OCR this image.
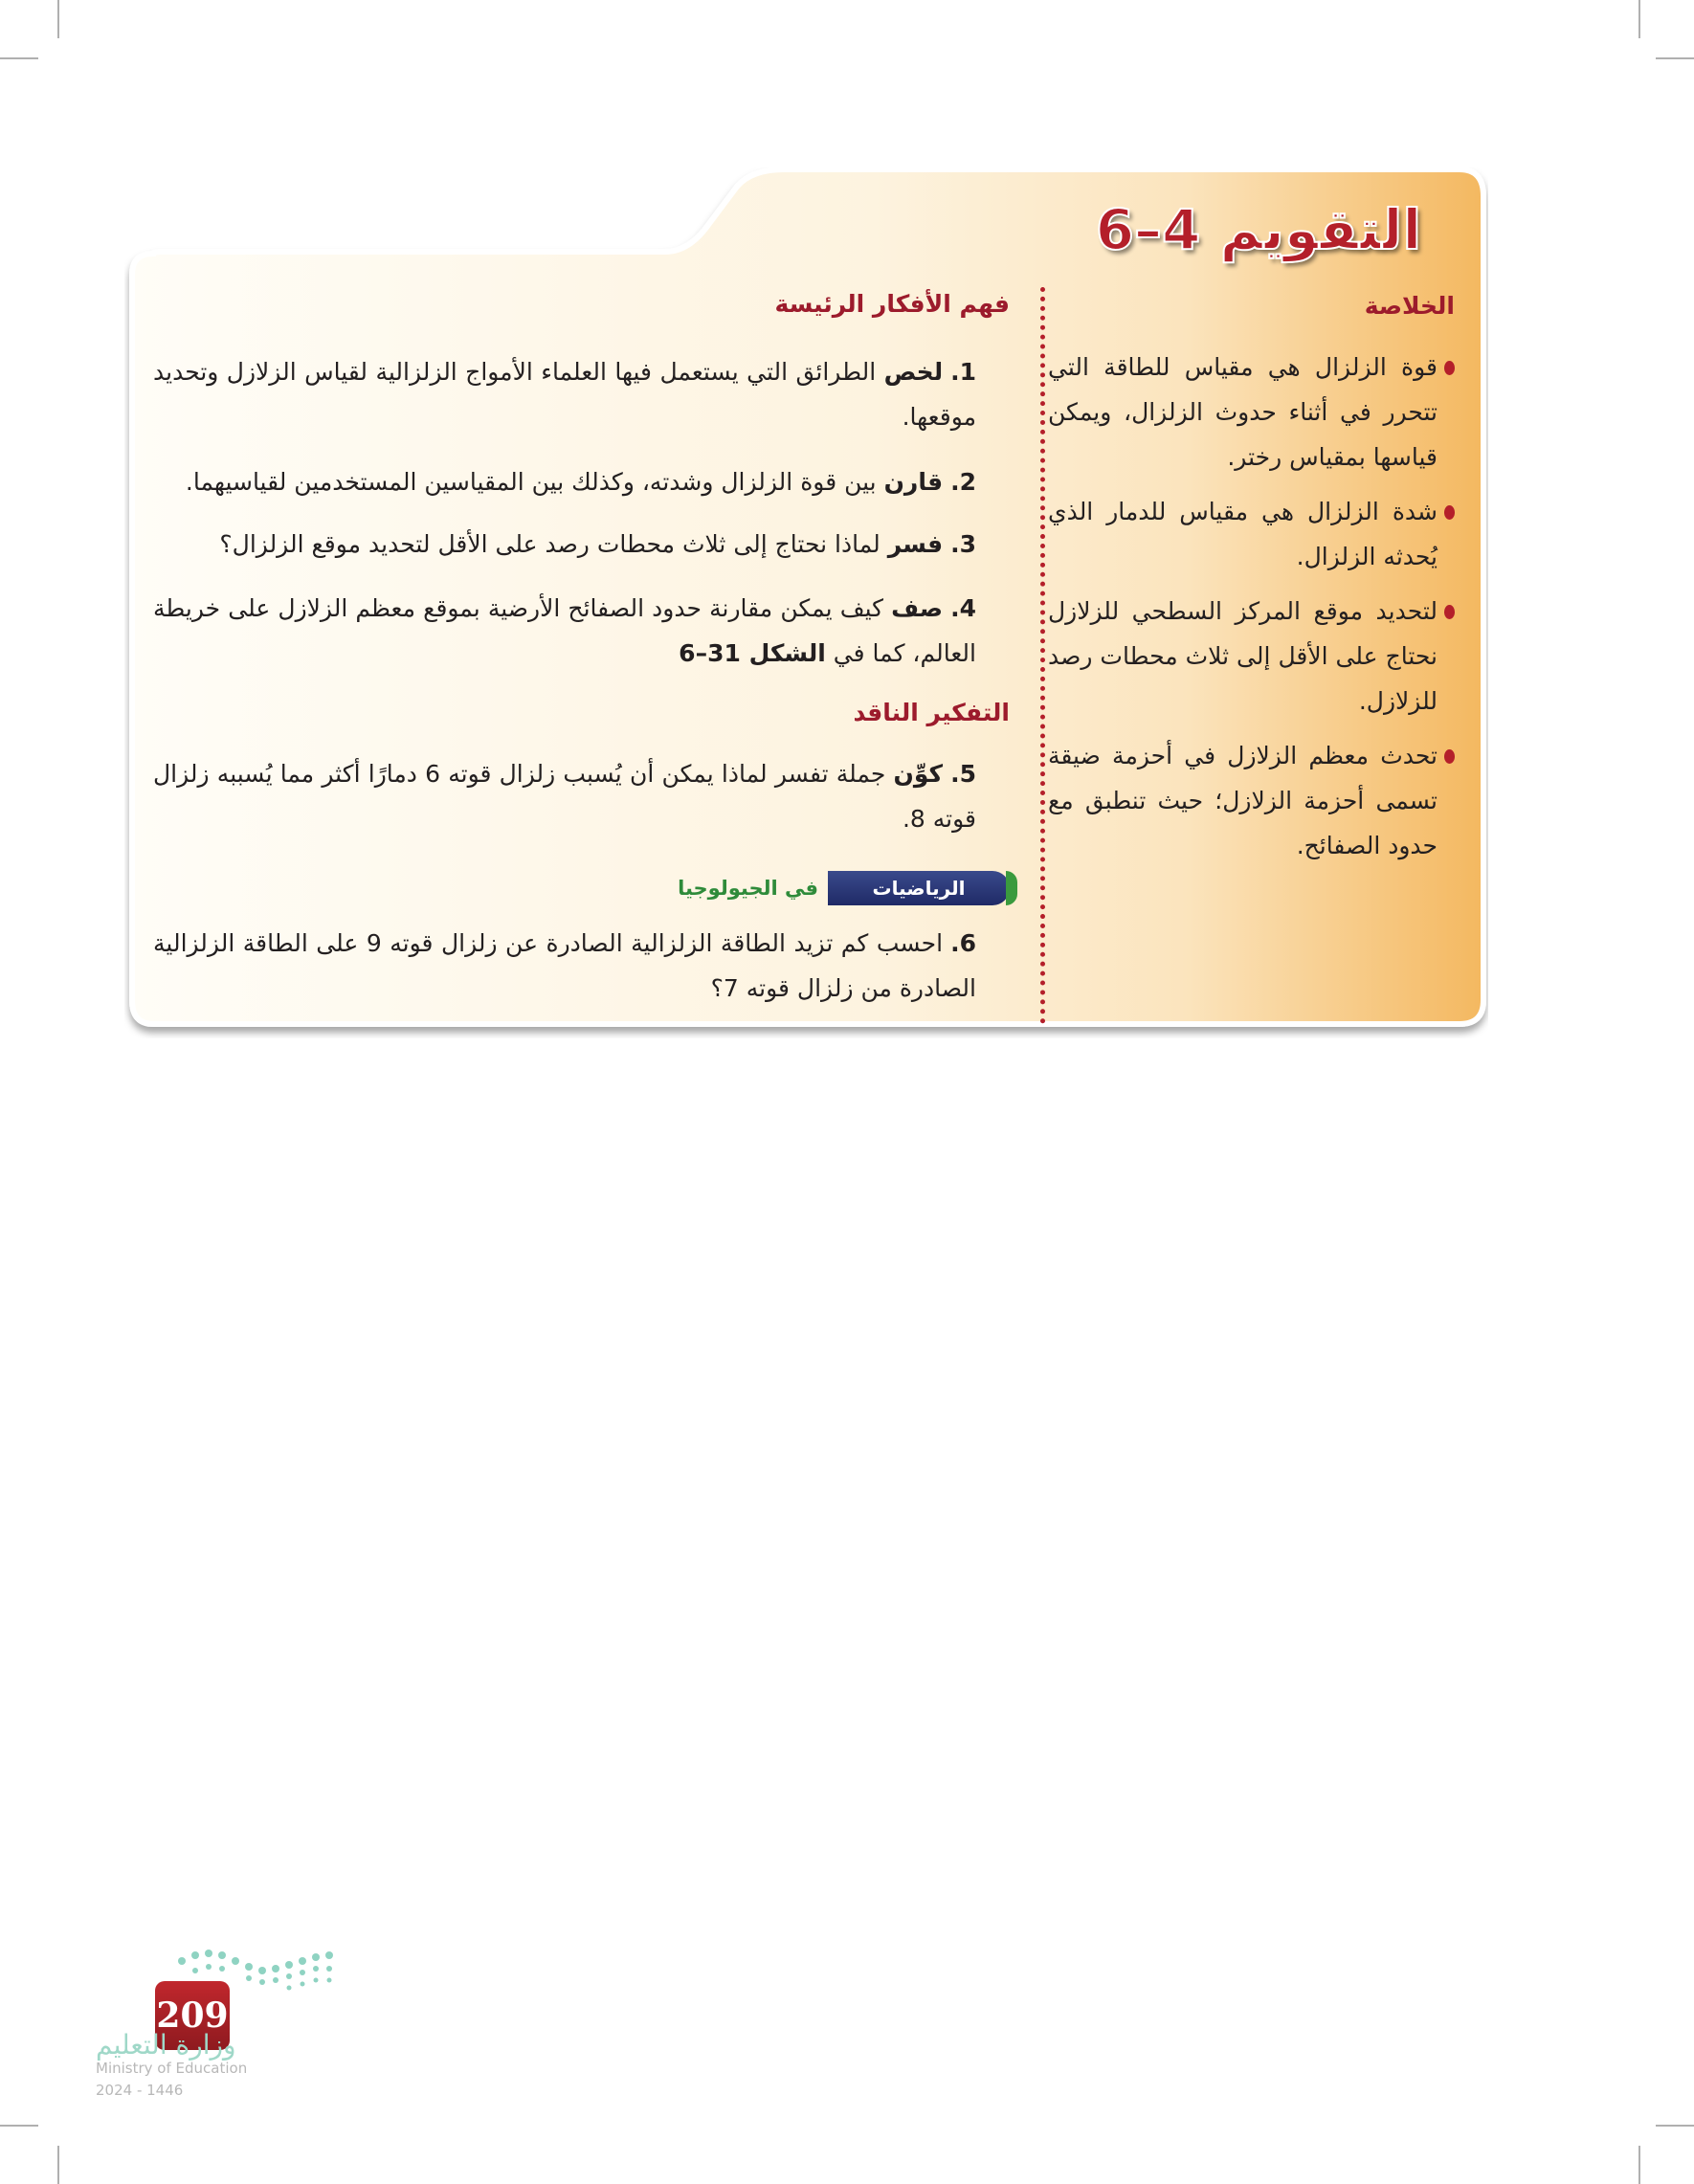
التقويم 4–6
الخلاصة
قوة الزلزال هي مقياس للطاقة التي تتحرر في أثناء حدوث الزلزال، ويمكن قياسها بمقياس رختر.
شدة الزلزال هي مقياس للدمار الذي يُحدثه الزلزال.
لتحديد موقع المركز السطحي للزلازل نحتاج على الأقل إلى ثلاث محطات رصد للزلازل.
تحدث معظم الزلازل في أحزمة ضيقة تسمى أحزمة الزلازل؛ حيث تنطبق مع حدود الصفائح.
فهم الأفكار الرئيسة
1.لخص الطرائق التي يستعمل فيها العلماء الأمواج الزلزالية لقياس الزلازل وتحديد موقعها.
2.قارن بين قوة الزلزال وشدته، وكذلك بين المقياسين المستخدمين لقياسيهما.
3.فسر لماذا نحتاج إلى ثلاث محطات رصد على الأقل لتحديد موقع الزلزال؟
4.صف كيف يمكن مقارنة حدود الصفائح الأرضية بموقع معظم الزلازل على خريطة العالم، كما في الشكل 31–6
التفكير الناقد
5.كوِّن جملة تفسر لماذا يمكن أن يُسبب زلزال قوته 6 دمارًا أكثر مما يُسببه زلزال قوته 8.
الرياضيات
في الجيولوجيا
6.احسب كم تزيد الطاقة الزلزالية الصادرة عن زلزال قوته 9 على الطاقة الزلزالية الصادرة من زلزال قوته 7؟
209
وزارة التعليم
Ministry of Education
2024 - 1446
